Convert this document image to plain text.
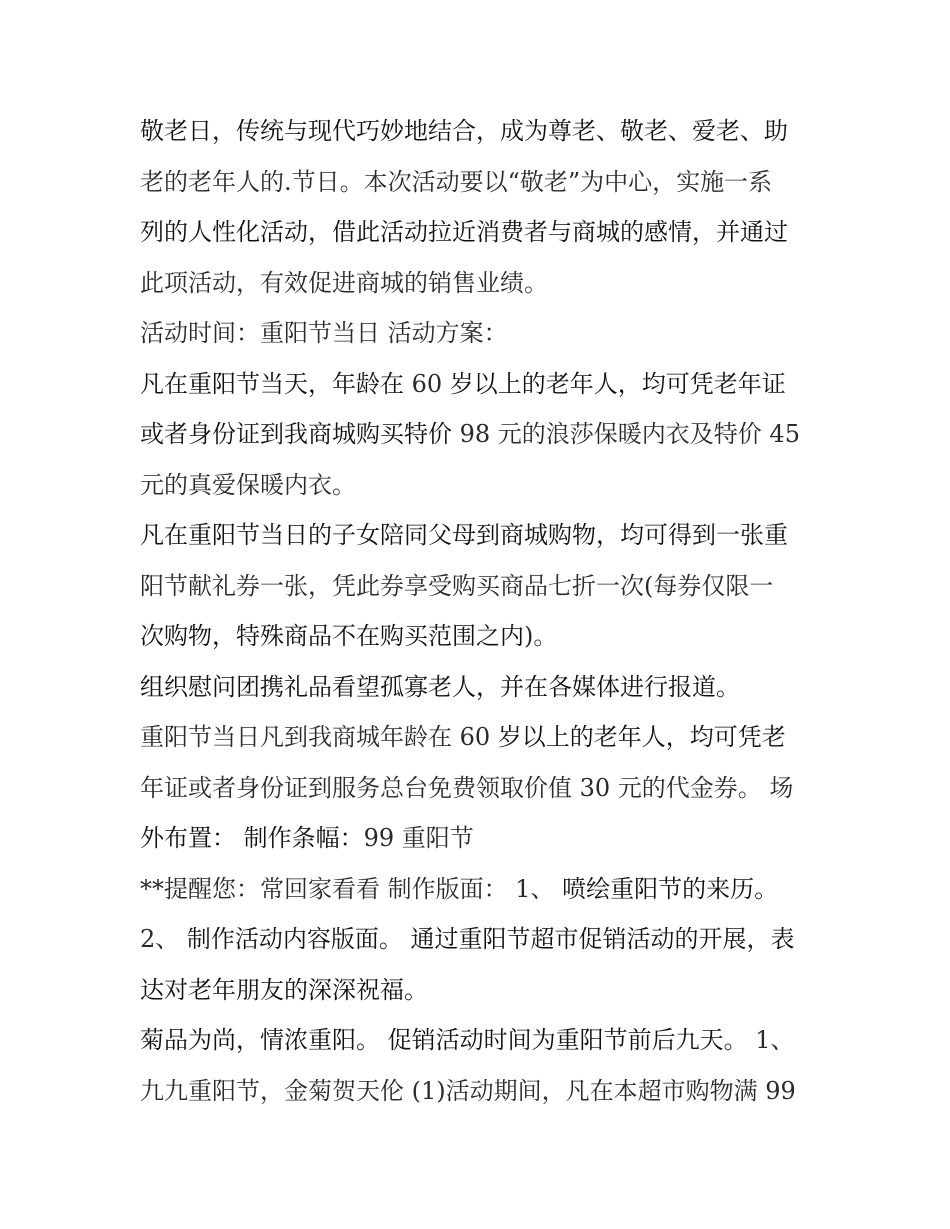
敬老日，传统与现代巧妙地结合，成为尊老、敬老、爱老、助
老的老年人的.节日。本次活动要以“敬老”为中心，实施一系
列的人性化活动，借此活动拉近消费者与商城的感情，并通过
此项活动，有效促进商城的销售业绩。
活动时间：重阳节当日 活动方案：
凡在重阳节当天，年龄在 60 岁以上的老年人，均可凭老年证
或者身份证到我商城购买特价 98 元的浪莎保暖内衣及特价 45
元的真爱保暖内衣。
凡在重阳节当日的子女陪同父母到商城购物，均可得到一张重
阳节献礼券一张，凭此券享受购买商品七折一次(每券仅限一
次购物，特殊商品不在购买范围之内)。
组织慰问团携礼品看望孤寡老人，并在各媒体进行报道。
重阳节当日凡到我商城年龄在 60 岁以上的老年人，均可凭老
年证或者身份证到服务总台免费领取价值 30 元的代金券。 场
外布置： 制作条幅：99 重阳节
**提醒您：常回家看看 制作版面： 1、 喷绘重阳节的来历。
2、 制作活动内容版面。 通过重阳节超市促销活动的开展，表
达对老年朋友的深深祝福。
菊品为尚，情浓重阳。 促销活动时间为重阳节前后九天。 1、
九九重阳节，金菊贺天伦 (1)活动期间，凡在本超市购物满 99
